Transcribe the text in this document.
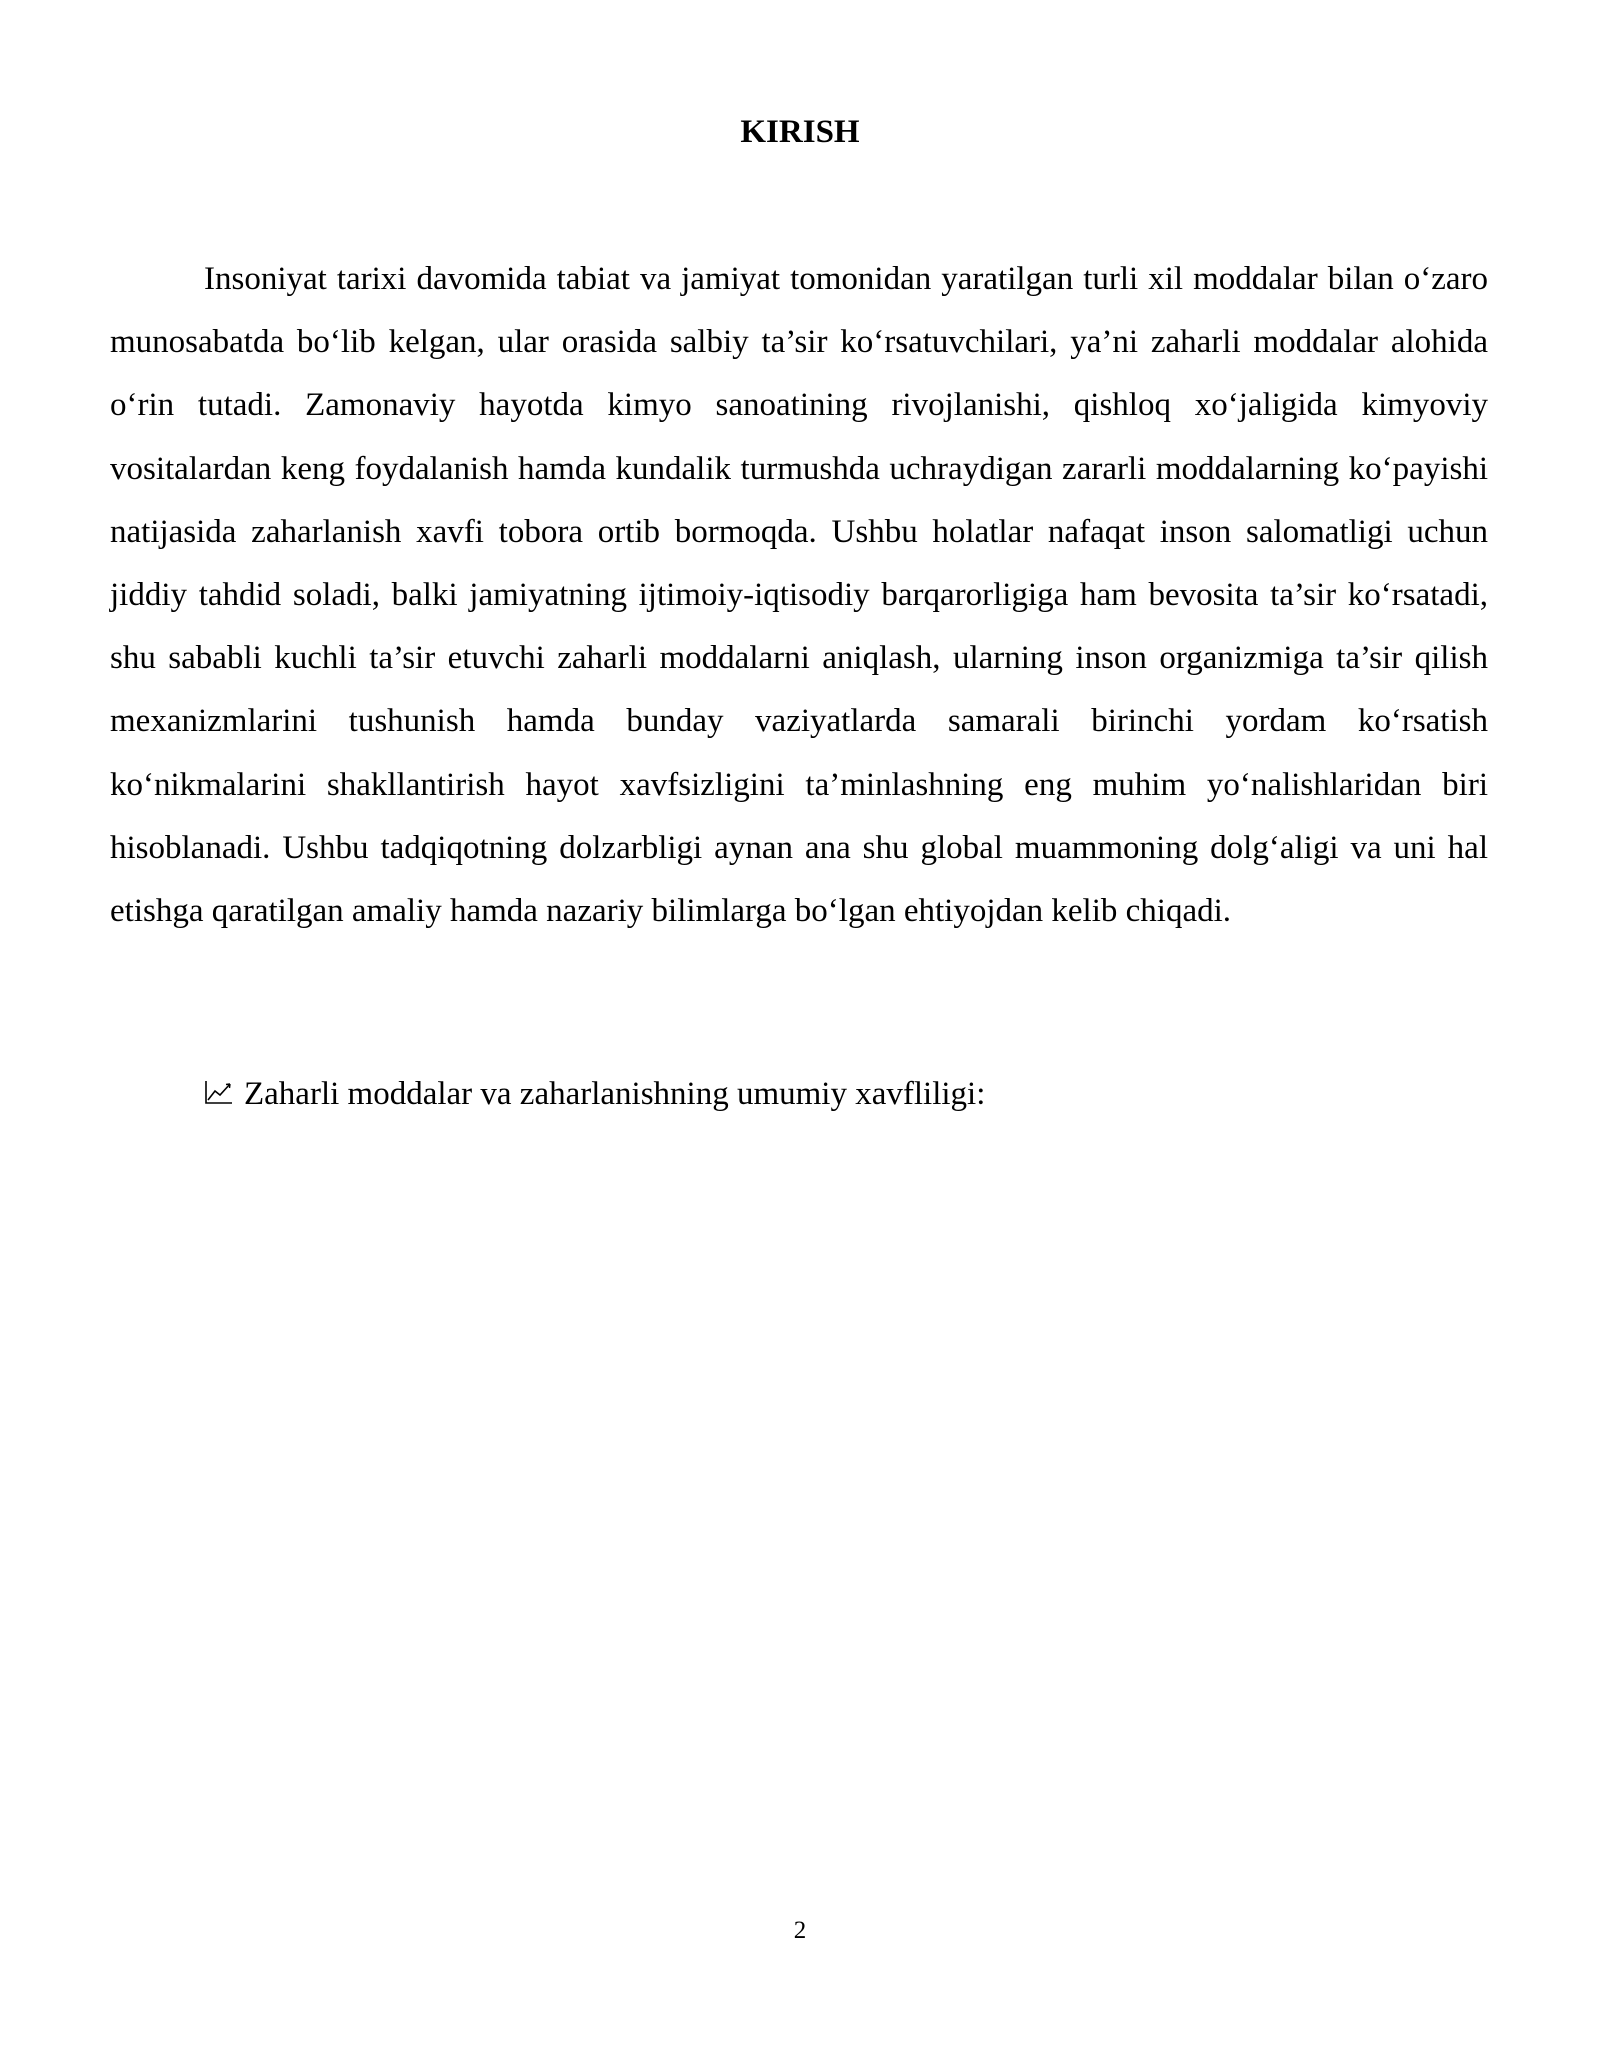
KIRISH

Insoniyat tarixi davomida tabiat va jamiyat tomonidan yaratilgan turli xil moddalar bilan o‘zaro munosabatda bo‘lib kelgan, ular orasida salbiy ta’sir ko‘rsatuvchilari, ya’ni zaharli moddalar alohida o‘rin tutadi. Zamonaviy hayotda kimyo sanoatining rivojlanishi, qishloq xo‘jaligida kimyoviy vositalardan keng foydalanish hamda kundalik turmushda uchraydigan zararli moddalarning ko‘payishi natijasida zaharlanish xavfi tobora ortib bormoqda. Ushbu holatlar nafaqat inson salomatligi uchun jiddiy tahdid soladi, balki jamiyatning ijtimoiy-iqtisodiy barqarorligiga ham bevosita ta’sir ko‘rsatadi, shu sababli kuchli ta’sir etuvchi zaharli moddalarni aniqlash, ularning inson organizmiga ta’sir qilish mexanizmlarini tushunish hamda bunday vaziyatlarda samarali birinchi yordam ko‘rsatish ko‘nikmalarini shakllantirish hayot xavfsizligini ta’minlashning eng muhim yo‘nalishlaridan biri hisoblanadi. Ushbu tadqiqotning dolzarbligi aynan ana shu global muammoning dolg‘aligi va uni hal etishga qaratilgan amaliy hamda nazariy bilimlarga bo‘lgan ehtiyojdan kelib chiqadi.

Zaharli moddalar va zaharlanishning umumiy xavfliligi:

2
